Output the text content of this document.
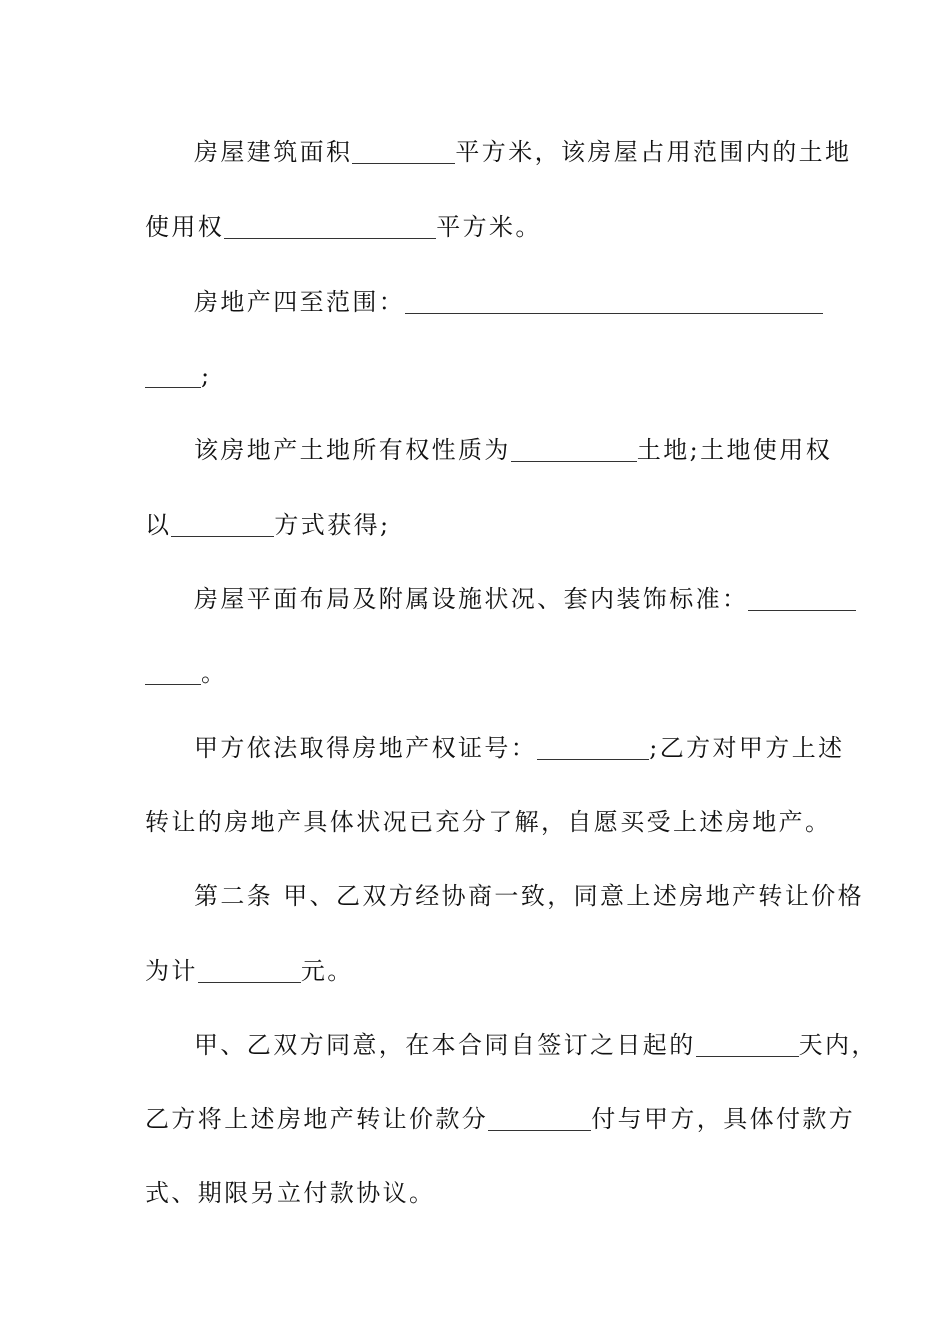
房屋建筑面积	平方米，该房屋占用范围内的土地
使用权	平方米。
房地产四至范围：
;
该房地产土地所有权性质为	土地;土地使用权
以	方式获得;
房屋平面布局及附属设施状况、套内装饰标准：
。
甲方依法取得房地产权证号：	;乙方对甲方上述
转让的房地产具体状况已充分了解，自愿买受上述房地产。
第二条 甲、乙双方经协商一致，同意上述房地产转让价格
为计	元。
甲、乙双方同意，在本合同自签订之日起的	天内，
乙方将上述房地产转让价款分	付与甲方，具体付款方
式、期限另立付款协议。
